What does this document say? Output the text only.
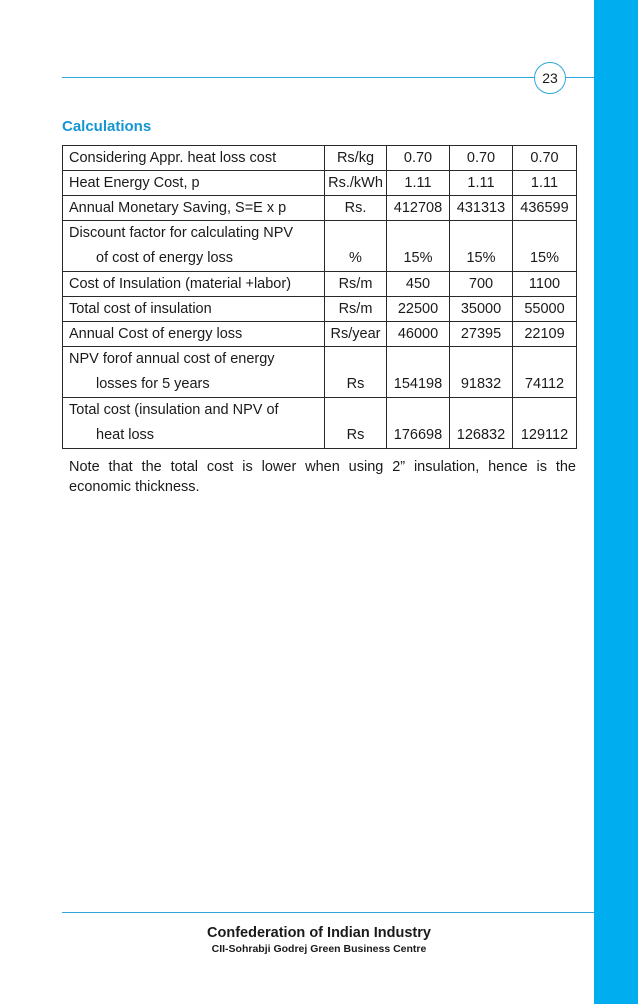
23
Calculations
Considering Appr. heat loss cost	Rs/kg	0.70	0.70	0.70
Heat Energy Cost, p	Rs./kWh	1.11	1.11	1.11
Annual Monetary Saving, S=E x p	Rs.	412708	431313	436599

Discount factor for calculating NPV
of cost of energy loss	%	15%	15%	15%

Cost of Insulation (material +labor)	Rs/m	450	700	1100
Total cost of insulation	Rs/m	22500	35000	55000
Annual Cost of energy loss	Rs/year	46000	27395	22109

NPV forof annual cost of energy
losses for 5 years	Rs	154198	91832	74112

Total cost (insulation and NPV of
heat loss	Rs	176698	126832	129112
Note that the total cost is lower when using 2” insulation, hence is the economic thickness.
Confederation of Indian Industry
CII-Sohrabji Godrej Green Business Centre
